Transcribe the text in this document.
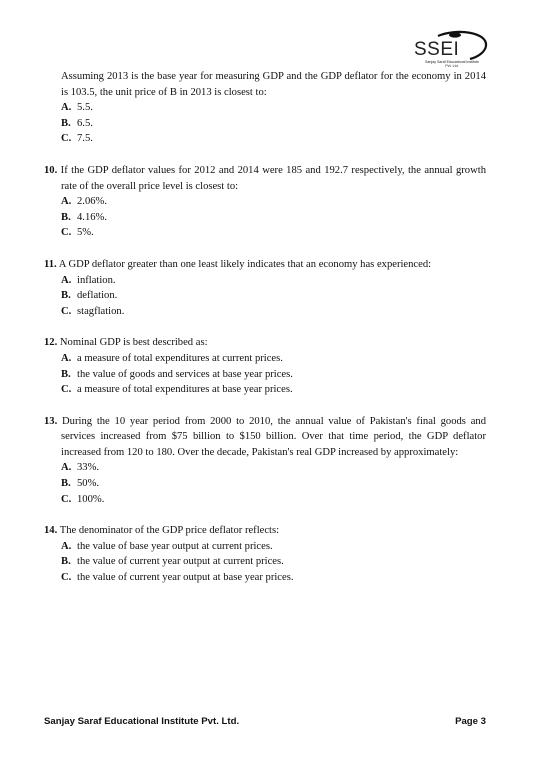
SSEI
Sanjay Saraf Educational Institute Pvt. Ltd.

Assuming 2013 is the base year for measuring GDP and the GDP deflator for the economy in 2014 is 103.5, the unit price of B in 2013 is closest to:

A. 5.5.
B. 6.5.
C. 7.5.

10. If the GDP deflator values for 2012 and 2014 were 185 and 192.7 respectively, the annual growth rate of the overall price level is closest to:

A. 2.06%.
B. 4.16%.
C. 5%.

11. A GDP deflator greater than one least likely indicates that an economy has experienced:

A. inflation.
B. deflation.
C. stagflation.

12. Nominal GDP is best described as:

A. a measure of total expenditures at current prices.
B. the value of goods and services at base year prices.
C. a measure of total expenditures at base year prices.

13. During the 10 year period from 2000 to 2010, the annual value of Pakistan's final goods and services increased from $75 billion to $150 billion. Over that time period, the GDP deflator increased from 120 to 180. Over the decade, Pakistan's real GDP increased by approximately:

A. 33%.
B. 50%.
C. 100%.

14. The denominator of the GDP price deflator reflects:

A. the value of base year output at current prices.
B. the value of current year output at current prices.
C. the value of current year output at base year prices.
Sanjay Saraf Educational Institute Pvt. Ltd.	Page 3
